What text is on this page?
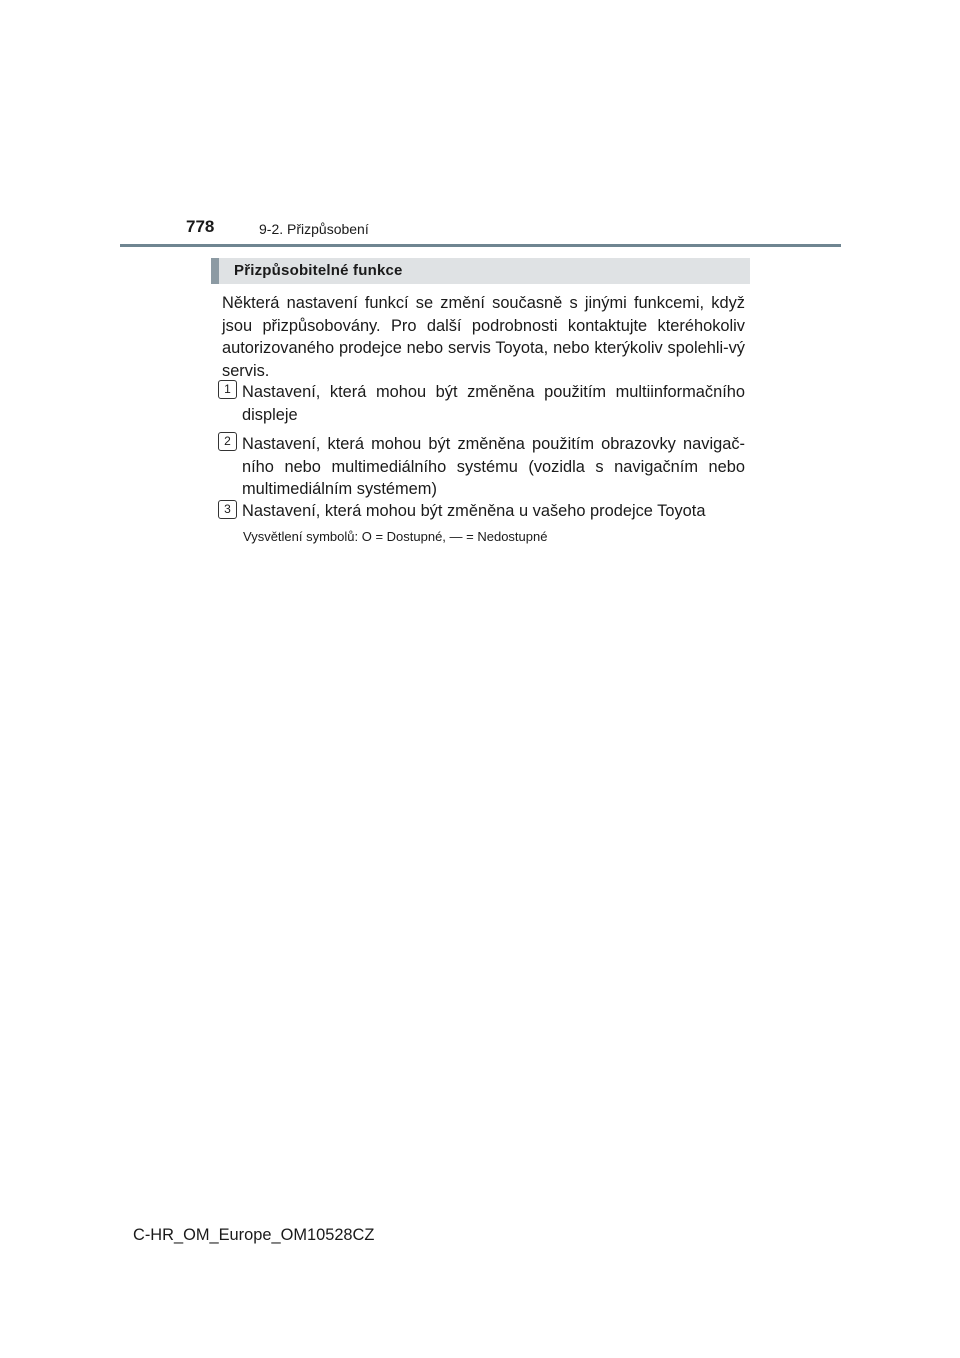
778	9-2. Přizpůsobení
Přizpůsobitelné funkce
Některá nastavení funkcí se změní současně s jinými funkcemi, když jsou přizpůsobovány. Pro další podrobnosti kontaktujte kteréhokoliv autorizovaného prodejce nebo servis Toyota, nebo kterýkoliv spolehli-vý servis.
1 Nastavení, která mohou být změněna použitím multiinformačního displeje
2 Nastavení, která mohou být změněna použitím obrazovky navigač-ního nebo multimediálního systému (vozidla s navigačním nebo multimediálním systémem)
3 Nastavení, která mohou být změněna u vašeho prodejce Toyota
Vysvětlení symbolů: O = Dostupné, — = Nedostupné
C-HR_OM_Europe_OM10528CZ
